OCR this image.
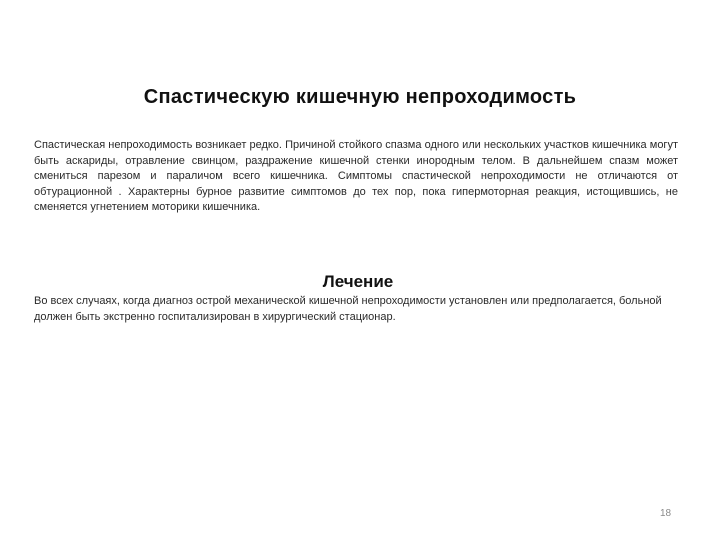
Спастическую кишечную непроходимость

Спастическая непроходимость возникает редко. Причиной стойкого спазма одного или нескольких участков кишечника могут быть аскариды, отравление свинцом, раздражение кишечной стенки инородным телом. В дальнейшем спазм может смениться парезом и параличом всего кишечника. Симптомы спастической непроходимости не отличаются от обтурационной . Характерны бурное развитие симптомов до тех пор, пока гипермоторная реакция, истощившись, не сменяется угнетением моторики кишечника.

Лечение

Во всех случаях, когда диагноз острой механической кишечной непроходимости установлен или предполагается, больной должен быть экстренно госпитализирован в хирургический стационар.

18
